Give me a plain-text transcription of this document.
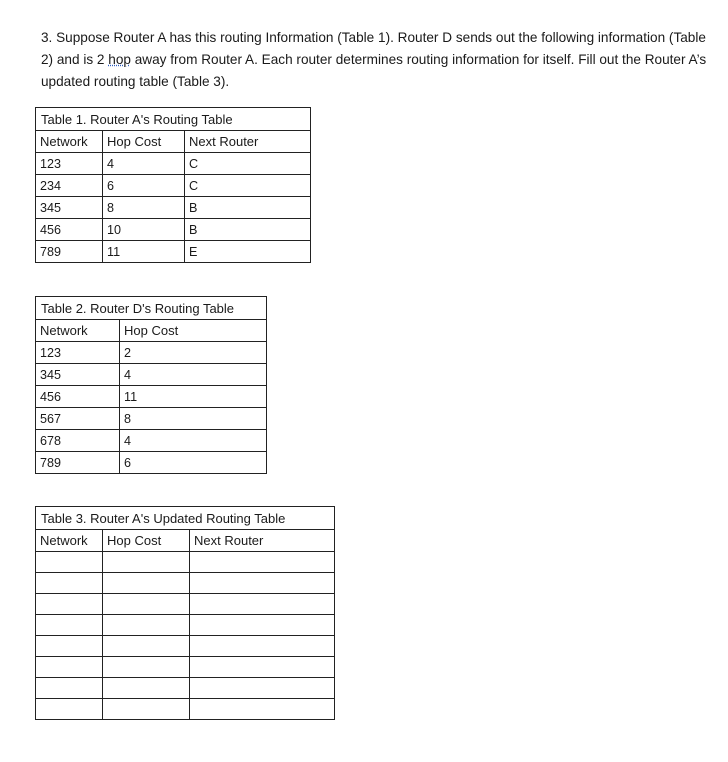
3. Suppose Router A has this routing Information (Table 1). Router D sends out the following information (Table 2) and is 2 hop away from Router A. Each router determines routing information for itself. Fill out the Router A’s updated routing table (Table 3).

Table 1. Router A's Routing Table		
Network	Hop Cost	Next Router
123	4	C
234	6	C
345	8	B
456	10	B
789	11	E
Table 2. Router D's Routing Table	
Network	Hop Cost
123	2
345	4
456	11
567	8
678	4
789	6
Table 3. Router A's Updated Routing Table		
Network	Hop Cost	Next Router
